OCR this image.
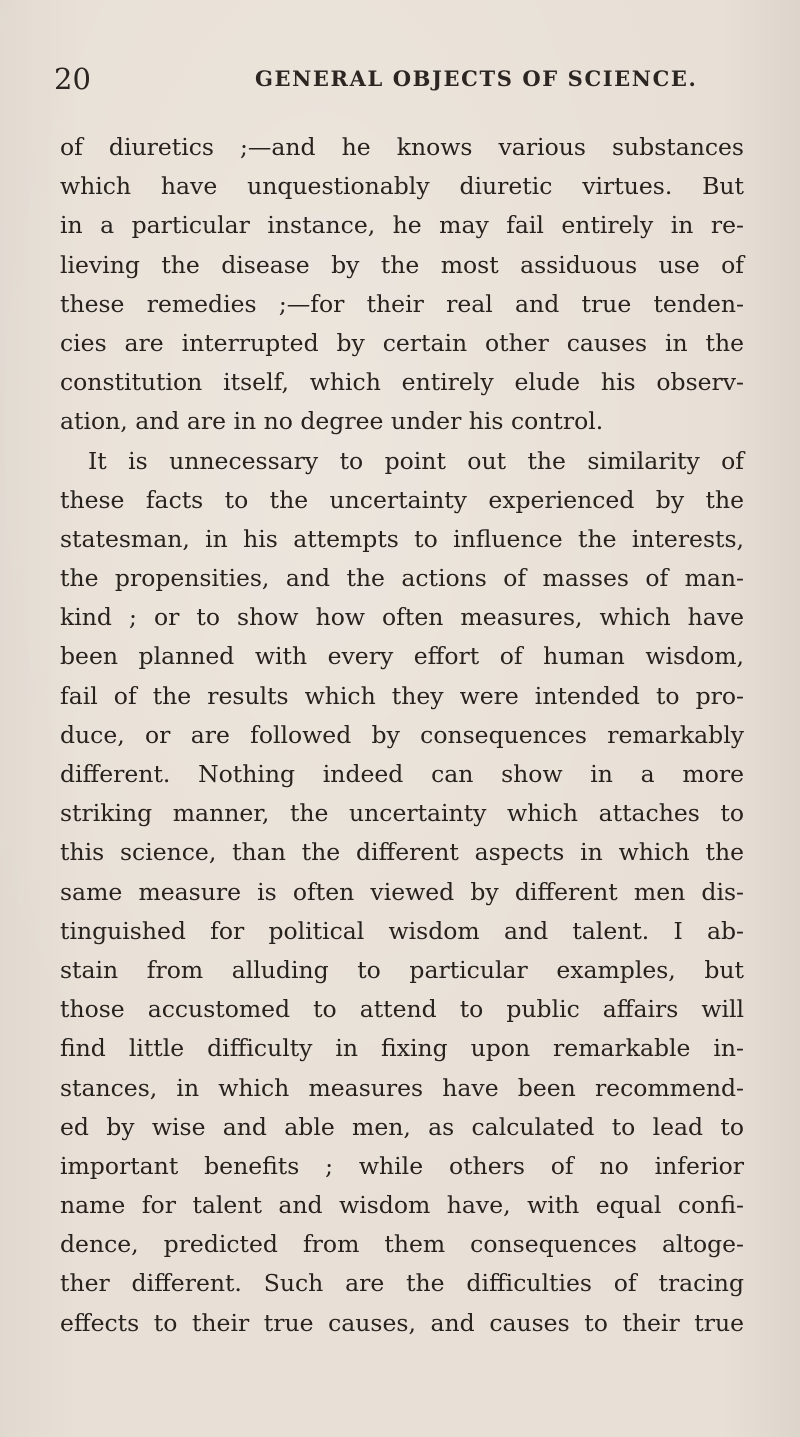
20	GENERAL OBJECTS OF SCIENCE.
of diuretics ;—and he knows various substances
which have unquestionably diuretic virtues. But
in a particular instance, he may fail entirely in re-
lieving the disease by the most assiduous use of
these remedies ;—for their real and true tenden-
cies are interrupted by certain other causes in the
constitution itself, which entirely elude his observ-
ation, and are in no degree under his control.
It is unnecessary to point out the similarity of
these facts to the uncertainty experienced by the
statesman, in his attempts to influence the interests,
the propensities, and the actions of masses of man-
kind ; or to show how often measures, which have
been planned with every effort of human wisdom,
fail of the results which they were intended to pro-
duce, or are followed by consequences remarkably
different. Nothing indeed can show in a more
striking manner, the uncertainty which attaches to
this science, than the different aspects in which the
same measure is often viewed by different men dis-
tinguished for political wisdom and talent. I ab-
stain from alluding to particular examples, but
those accustomed to attend to public affairs will
find little difficulty in fixing upon remarkable in-
stances, in which measures have been recommend-
ed by wise and able men, as calculated to lead to
important benefits ; while others of no inferior
name for talent and wisdom have, with equal confi-
dence, predicted from them consequences altoge-
ther different. Such are the difficulties of tracing
effects to their true causes, and causes to their true
